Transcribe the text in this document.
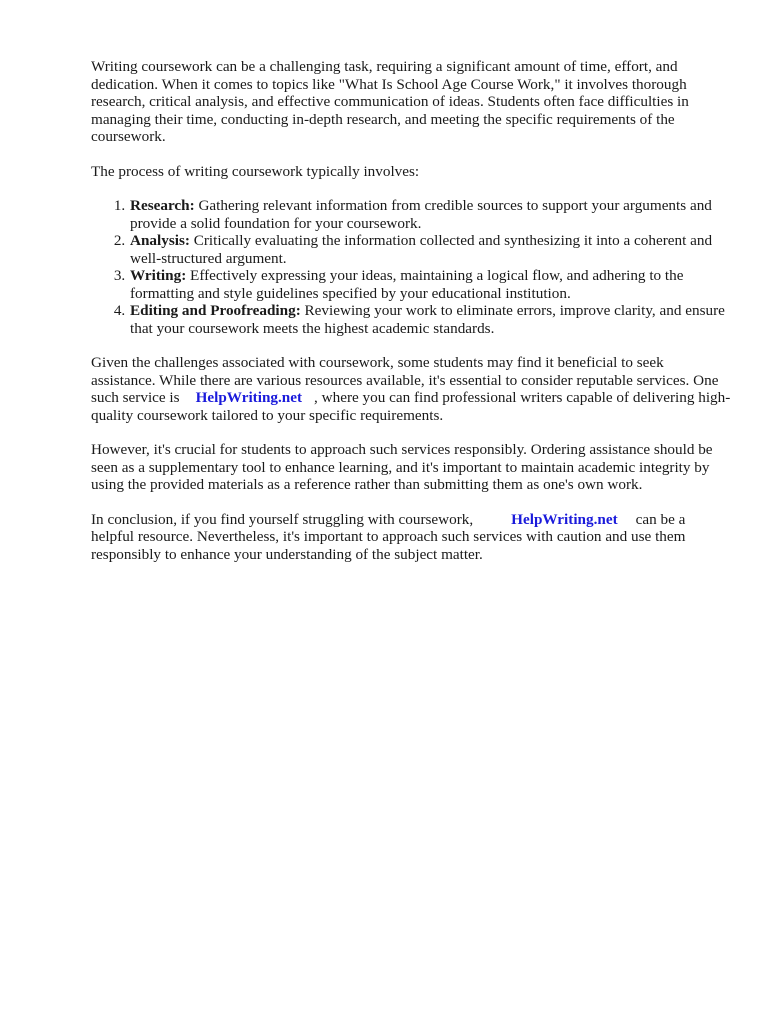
Writing coursework can be a challenging task, requiring a significant amount of time, effort, and dedication. When it comes to topics like "What Is School Age Course Work," it involves thorough research, critical analysis, and effective communication of ideas. Students often face difficulties in managing their time, conducting in-depth research, and meeting the specific requirements of the coursework.

The process of writing coursework typically involves:

1. Research: Gathering relevant information from credible sources to support your arguments and provide a solid foundation for your coursework.
2. Analysis: Critically evaluating the information collected and synthesizing it into a coherent and well-structured argument.
3. Writing: Effectively expressing your ideas, maintaining a logical flow, and adhering to the formatting and style guidelines specified by your educational institution.
4. Editing and Proofreading: Reviewing your work to eliminate errors, improve clarity, and ensure that your coursework meets the highest academic standards.

Given the challenges associated with coursework, some students may find it beneficial to seek assistance. While there are various resources available, it's essential to consider reputable services. One such service is HelpWriting.net , where you can find professional writers capable of delivering high-quality coursework tailored to your specific requirements.

However, it's crucial for students to approach such services responsibly. Ordering assistance should be seen as a supplementary tool to enhance learning, and it's important to maintain academic integrity by using the provided materials as a reference rather than submitting them as one's own work.

In conclusion, if you find yourself struggling with coursework,	HelpWriting.net can be a helpful resource. Nevertheless, it's important to approach such services with caution and use them responsibly to enhance your understanding of the subject matter.
